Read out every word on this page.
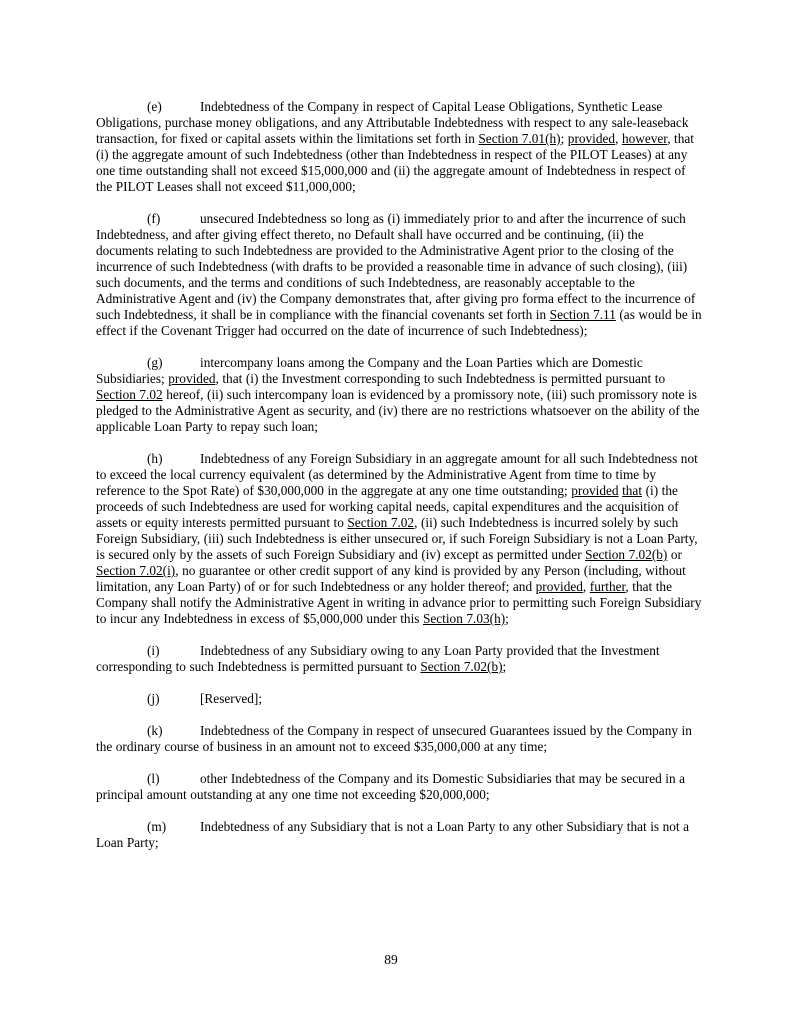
(e)	Indebtedness of the Company in respect of Capital Lease Obligations, Synthetic Lease Obligations, purchase money obligations, and any Attributable Indebtedness with respect to any sale-leaseback transaction, for fixed or capital assets within the limitations set forth in Section 7.01(h); provided, however, that (i) the aggregate amount of such Indebtedness (other than Indebtedness in respect of the PILOT Leases) at any one time outstanding shall not exceed $15,000,000 and (ii) the aggregate amount of Indebtedness in respect of the PILOT Leases shall not exceed $11,000,000;

(f)	unsecured Indebtedness so long as (i) immediately prior to and after the incurrence of such Indebtedness, and after giving effect thereto, no Default shall have occurred and be continuing, (ii) the documents relating to such Indebtedness are provided to the Administrative Agent prior to the closing of the incurrence of such Indebtedness (with drafts to be provided a reasonable time in advance of such closing), (iii) such documents, and the terms and conditions of such Indebtedness, are reasonably acceptable to the Administrative Agent and (iv) the Company demonstrates that, after giving pro forma effect to the incurrence of such Indebtedness, it shall be in compliance with the financial covenants set forth in Section 7.11 (as would be in effect if the Covenant Trigger had occurred on the date of incurrence of such Indebtedness);

(g)	intercompany loans among the Company and the Loan Parties which are Domestic Subsidiaries; provided, that (i) the Investment corresponding to such Indebtedness is permitted pursuant to Section 7.02 hereof, (ii) such intercompany loan is evidenced by a promissory note, (iii) such promissory note is pledged to the Administrative Agent as security, and (iv) there are no restrictions whatsoever on the ability of the applicable Loan Party to repay such loan;

(h)	Indebtedness of any Foreign Subsidiary in an aggregate amount for all such Indebtedness not to exceed the local currency equivalent (as determined by the Administrative Agent from time to time by reference to the Spot Rate) of $30,000,000 in the aggregate at any one time outstanding; provided that (i) the proceeds of such Indebtedness are used for working capital needs, capital expenditures and the acquisition of assets or equity interests permitted pursuant to Section 7.02, (ii) such Indebtedness is incurred solely by such Foreign Subsidiary, (iii) such Indebtedness is either unsecured or, if such Foreign Subsidiary is not a Loan Party, is secured only by the assets of such Foreign Subsidiary and (iv) except as permitted under Section 7.02(b) or Section 7.02(i), no guarantee or other credit support of any kind is provided by any Person (including, without limitation, any Loan Party) of or for such Indebtedness or any holder thereof; and provided, further, that the Company shall notify the Administrative Agent in writing in advance prior to permitting such Foreign Subsidiary to incur any Indebtedness in excess of $5,000,000 under this Section 7.03(h);

(i)	Indebtedness of any Subsidiary owing to any Loan Party provided that the Investment corresponding to such Indebtedness is permitted pursuant to Section 7.02(b);

(j)	[Reserved];

(k)	Indebtedness of the Company in respect of unsecured Guarantees issued by the Company in the ordinary course of business in an amount not to exceed $35,000,000 at any time;

(l)	other Indebtedness of the Company and its Domestic Subsidiaries that may be secured in a principal amount outstanding at any one time not exceeding $20,000,000;

(m)	Indebtedness of any Subsidiary that is not a Loan Party to any other Subsidiary that is not a Loan Party;

89
